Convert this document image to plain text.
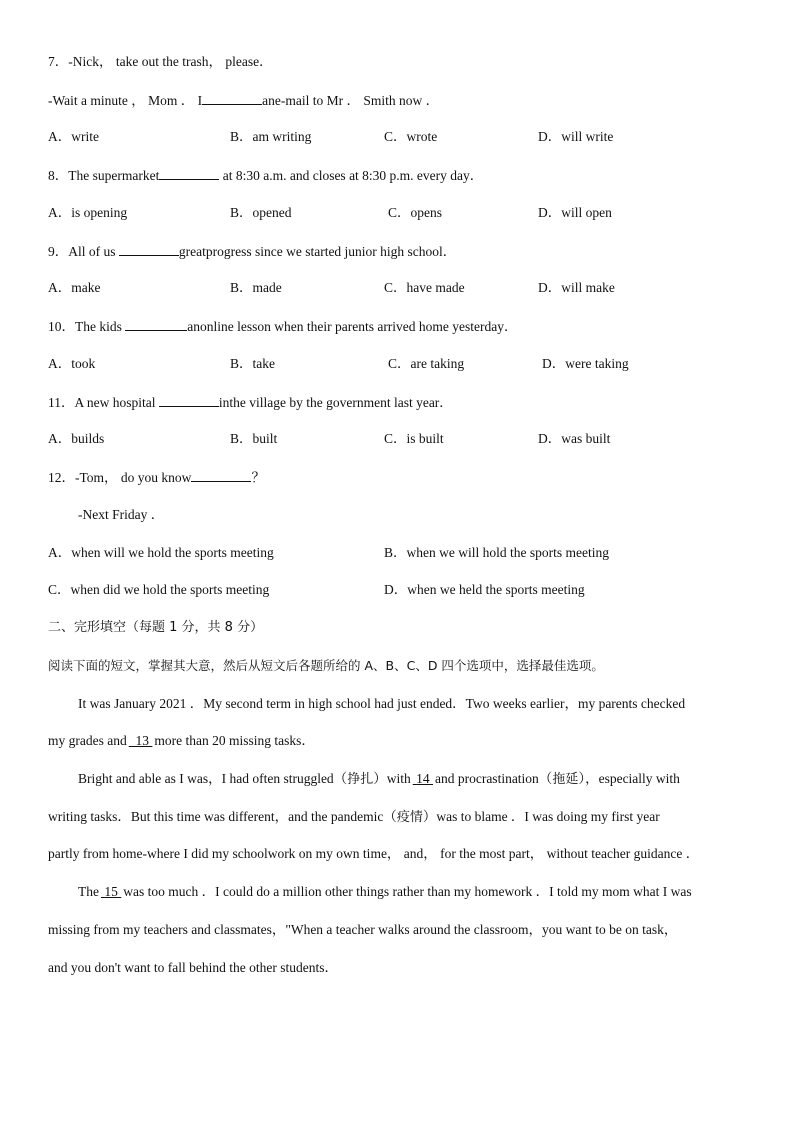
7．-Nick， take out the trash， please．
-Wait a minute ， Mom ． I	ane-mail to Mr ． Smith now ．
A．write	B．am writing	C．wrote	D．will write
8．The supermarket	at 8:30 a.m. and closes at 8:30 p.m. every day．
A．is opening	B．opened	C．opens	D．will open
9．All of us	greatprogress since we started junior high school．
A．make	B．made	C．have made	D．will make
10．The kids	anonline lesson when their parents arrived home yesterday．
A．took	B．take	C．are taking	D．were taking
11．A new hospital	inthe village by the government last year．
A．builds	B．built	C．is built	D．was built
12．-Tom， do you know	？
-Next Friday ．
A．when will we hold the sports meeting	B．when we will hold the sports meeting
C．when did we hold the sports meeting	D．when we held the sports meeting
二、完形填空（每题 1 分，共 8 分）
阅读下面的短文，掌握其大意，然后从短文后各题所给的 A、B、C、D 四个选项中，选择最佳选项。
It was January 2021 ．My second term in high school had just ended．Two weeks earlier，my parents checked
my grades and 13 more than 20 missing tasks．
Bright and able as I was，I had often struggled（挣扎）with 14 and procrastination（拖延），especially with
writing tasks．But this time was different，and the pandemic（疫情）was to blame ．I was doing my first year
partly from home-where I did my schoolwork on my own time， and， for the most part， without teacher guidance ．
The 15 was too much ．I could do a million other things rather than my homework ．I told my mom what I was
missing from my teachers and classmates，"When a teacher walks around the classroom，you want to be on task，
and you don't want to fall behind the other students．
